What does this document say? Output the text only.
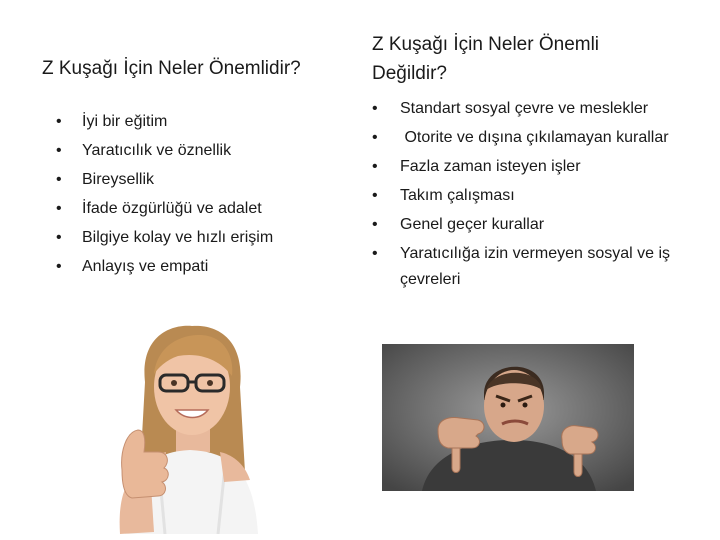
Z Kuşağı İçin Neler Önemlidir?
• İyi bir eğitim
• Yaratıcılık ve öznellik
• Bireysellik
• İfade özgürlüğü ve adalet
• Bilgiye kolay ve hızlı erişim
• Anlayış ve empati
Z Kuşağı İçin Neler Önemli Değildir?
• Standart sosyal çevre ve meslekler
• Otorite ve dışına çıkılamayan kurallar
• Fazla zaman isteyen işler
• Takım çalışması
• Genel geçer kurallar
• Yaratıcılığa izin vermeyen sosyal ve iş çevreleri
